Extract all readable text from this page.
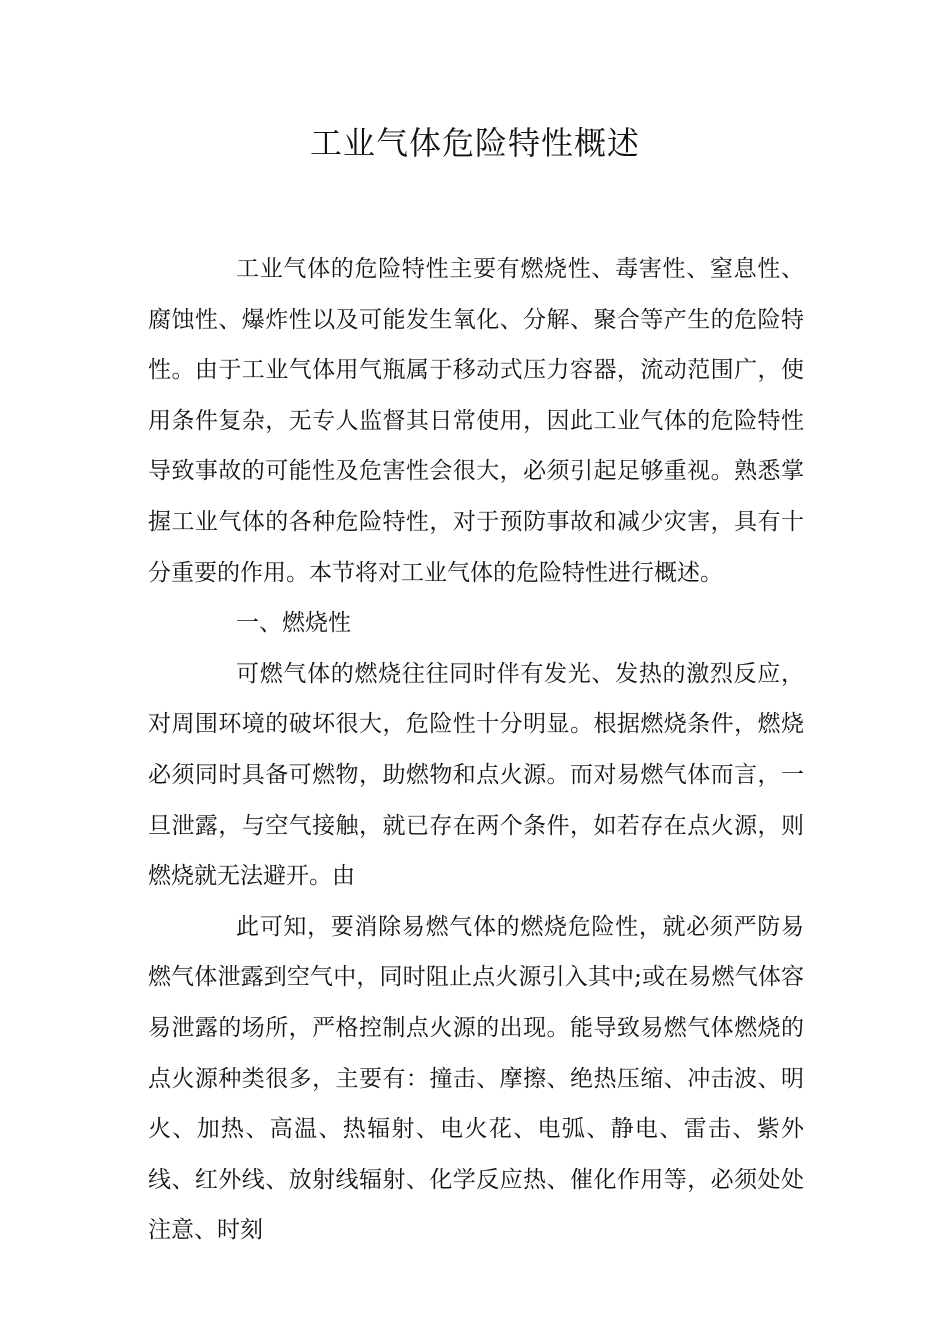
工业气体危险特性概述

工业气体的危险特性主要有燃烧性、毒害性、窒息性、腐蚀性、爆炸性以及可能发生氧化、分解、聚合等产生的危险特性。由于工业气体用气瓶属于移动式压力容器，流动范围广，使用条件复杂，无专人监督其日常使用，因此工业气体的危险特性导致事故的可能性及危害性会很大，必须引起足够重视。熟悉掌握工业气体的各种危险特性，对于预防事故和减少灾害，具有十分重要的作用。本节将对工业气体的危险特性进行概述。

一、燃烧性

可燃气体的燃烧往往同时伴有发光、发热的激烈反应，对周围环境的破坏很大，危险性十分明显。根据燃烧条件，燃烧必须同时具备可燃物，助燃物和点火源。而对易燃气体而言，一旦泄露，与空气接触，就已存在两个条件，如若存在点火源，则燃烧就无法避开。由

此可知，要消除易燃气体的燃烧危险性，就必须严防易燃气体泄露到空气中，同时阻止点火源引入其中;或在易燃气体容易泄露的场所，严格控制点火源的出现。能导致易燃气体燃烧的点火源种类很多，主要有：撞击、摩擦、绝热压缩、冲击波、明火、加热、高温、热辐射、电火花、电弧、静电、雷击、紫外线、红外线、放射线辐射、化学反应热、催化作用等，必须处处注意、时刻
